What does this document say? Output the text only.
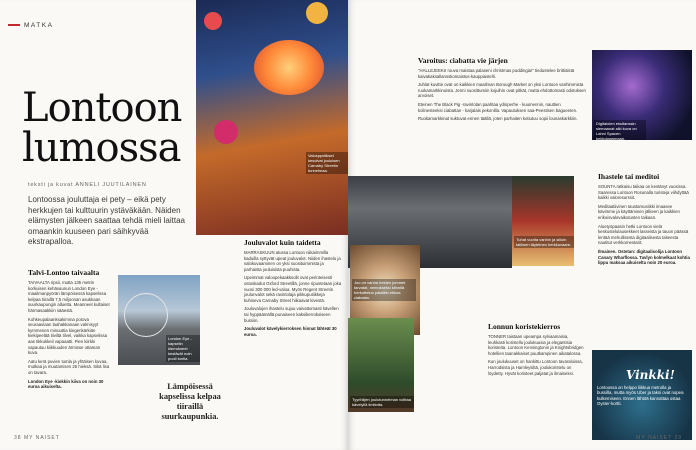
MATKA
Lontoon
lumossa
teksti ja kuvat ANNELI JUUTILAINEN
Lontoossa jouluttaja ei pety – eikä pety herkkujen tai kulttuurin ystäväkään. Näiden elämysten jälkeen saattaa tehdä mieli laittaa omaankin kuuseen pari säihkyvää ekstrapalloa.
Talvi-Lontoo taivaalta

TAIVAALTA ripsii, mutta 135 metrin korkuisen kehävaunun London Eye -maailmanpyörän lämpöisessä kapselissa kelpaa tiiraillä 7,5 miljoonan asukkaan suurkaupungin alluetta. Meanneet kultaiset härmasaakkiin sääestä.

Kohkeupalaanksakimma potova seuraaviaan laahakkanaan valmisyyt kymmenen minuuttia kiegenkärkiän kiekipeelää tiiviltä tilvel, vaikka kapselissa aas tikkukkeil vapaaatti. Pien kiirkki vapautuu kiikkuuden ärmisse ottaman kuva.

Aatu kerä puvien tumla ja yhtäisen kuvaa, mutkaa ja muutamisen 25 hieksä. Sikä lisa on tavara.

London Eye -kiokkin kiiva on noin 30 euroa aikuiselta.
Valosppotikset kesoivat jouluisen Carnaby Streetin tunnelmaa.
London Eye -kapselin kierrokseet kestävät noin puoli tuntia.
Lämpöisessä kapselissa kelpaa tiiraillä suurkaupunkia.
Jouluvalot kuin taidetta

MARRASKUUN alussa Lontoon niikaimmilla kaduilla syttyvät upeat jouluvalot. Niiden ihastelu ja valokuvaaminen on yksi suosituimmista ja parhaista jouluisista puuhista.

Upeimmat valoopekaakksolit ovat perinteisesti ostoskadut Oxford Streetillä, jonne ripustetaan joka vuosi 300 000 led-valoa. Myös Regent Streetin joulunvalot sekä ravintolaja pikkuputiikkeja kuhiseva Carnaby Street hiikaavat kivestä.

Jouluvalojen ihastelu sujuu vaivattomasti kävellen tai hyppäämällä punaiseen kaksikerroksiseen bussiin.

Jouluvalot kävelykierroksen hinnat lähteät 30 euroa.
38 MY NAISET
Varoitus: ciabatta vie järjen

"HALLEJEEKII rouva maistaa palaseni christmas puddingia!" tiedustelee brittiäistä kaivakaksallansskomaistus-kauppiastelli.

Juhlat kuvitte ovat on kaikkien maailman Borough Market on yksi Lontoon vanhimmista ruokamarkkinoista. Jenni suosittumiin kojuihin ovat pitkät, mutta ehdottomasti odotuksen arvoiset.

Eteinen The Black Pig -ravintolan paahtaa ydinperhe - kuumennin, nauttien kolinesteeksi ciabattan - karjalais pekonilla. Vapautuksen saa-Peestisen bagueeten.

Ruokamarkkinat suktuvat ennen täällä, joten parhaiten kotiutuu sopii lounaskarkkiin.

Digitalolen eksitanssin siemaanat alki kuva on Lahni Spacen kekkolaanmaan.
Tuhat vuotta vanhin ja silloin taliksen täyteinen herkkuvaare.
Joo on vanha heiden jommet tarvatat, nemokseksi kiinnitä herkuttelun palatkin ekkoa ciabatan.
Tyyrihiljen joulutunnelman voittaa kävelyllä ilmitotta.
Lonnun koristekierros

TONNER taistaan upeampa sylvaamaisia, leuhkasti koristellu joulukuusia ja elegantisia koristeita. Lontoon Kensingtonin ja Knightsbridgen hotellien taanakkaiset puutkampinen aikatalossa.

Kun joulukuuset on hankittu Lontoon tavaraloissa, Harrodsista ja Hamleysiltä, joulukoristelu on löydetty. Hyvät koristeet paljatat ja ilmaiseksi.

Ihastele tai meditoi

SOUNTA ratkaisu taikaa on kestänyt vuosissa. Saaressa Lontoon Rosunalla turisteja viihdyttää kaikki valoresurssit.

Meditaatiivinen taustamusiikki imaasee kävimme ja käyttämisen jälkeen ja kaikkien erikoisvalovaikutusten taikaan.

Aluetyöpaasin hetki Lontoon vielä keskustelulausekkeet lasseista ja tauon päässä lentää mehullisesta digitaalisesta taiteesta nautitut verkkomestarit.

Ilmainen. Ostetan: digitaalisolija Lontoon Canary Wharflossa. Tavlyn kolmelkaat kohtia lippu maksaa aikuiselta noin 20 euroa.
Vinkki!
Lontoossa on helppo liikkua metrolla ja bussilla, mutta myös Uber ja taksi ovat nopea kulkemiseen. Ennen lähtöä kannattaa ostaa Oyster-kortti.
MY NAISET 39
